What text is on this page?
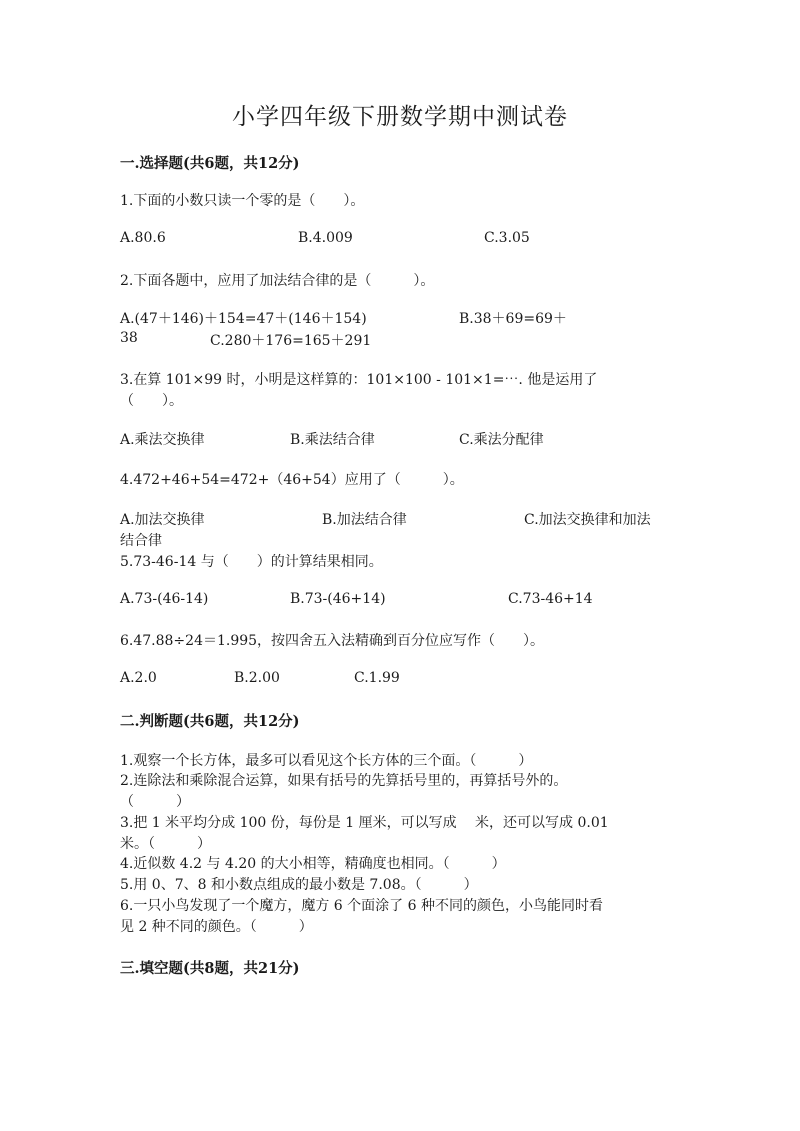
小学四年级下册数学期中测试卷
一.选择题(共6题，共12分)
1.下面的小数只读一个零的是（　　）。
A.80.6	B.4.009	C.3.05
2.下面各题中，应用了加法结合律的是（　　　）。
A.(47＋146)＋154=47＋(146＋154)	B.38＋69=69＋
38	C.280＋176=165＋291
3.在算 101×99 时，小明是这样算的：101×100 - 101×1=⋯. 他是运用了
（　　）。
A.乘法交换律	B.乘法结合律	C.乘法分配律
4.472+46+54=472+（46+54）应用了（　　　）。
A.加法交换律	B.加法结合律	C.加法交换律和加法
结合律
5.73-46-14 与（　　）的计算结果相同。
A.73-(46-14)	B.73-(46+14)	C.73-46+14
6.47.88÷24＝1.995，按四舍五入法精确到百分位应写作（　　）。
A.2.0	B.2.00	C.1.99
二.判断题(共6题，共12分)
1.观察一个长方体，最多可以看见这个长方体的三个面。（　　　）
2.连除法和乘除混合运算，如果有括号的先算括号里的，再算括号外的。
（　　　）
3.把 1 米平均分成 100 份，每份是 1 厘米，可以写成　 米，还可以写成 0.01
米。（　　　）
4.近似数 4.2 与 4.20 的大小相等，精确度也相同。（　　　）
5.用 0、7、8 和小数点组成的最小数是 7.08。（　　　）
6.一只小鸟发现了一个魔方，魔方 6 个面涂了 6 种不同的颜色，小鸟能同时看
见 2 种不同的颜色。（　　　）
三.填空题(共8题，共21分)
